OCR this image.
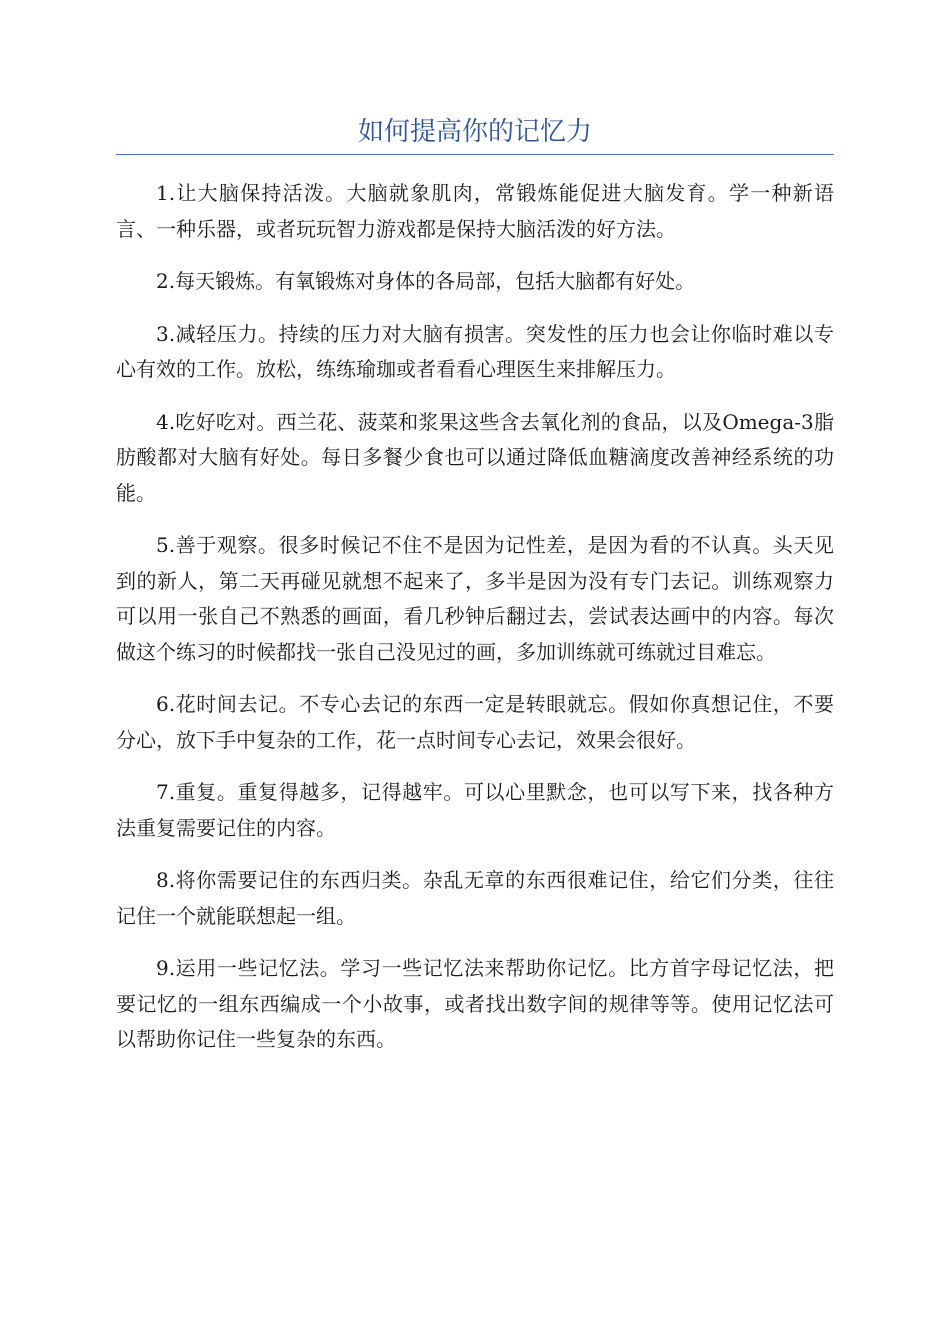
如何提高你的记忆力

1.让大脑保持活泼。大脑就象肌肉，常锻炼能促进大脑发育。学一种新语言、一种乐器，或者玩玩智力游戏都是保持大脑活泼的好方法。

2.每天锻炼。有氧锻炼对身体的各局部，包括大脑都有好处。

3.减轻压力。持续的压力对大脑有损害。突发性的压力也会让你临时难以专心有效的工作。放松，练练瑜珈或者看看心理医生来排解压力。

4.吃好吃对。西兰花、菠菜和浆果这些含去氧化剂的食品，以及Omega-3脂肪酸都对大脑有好处。每日多餐少食也可以通过降低血糖滴度改善神经系统的功能。

5.善于观察。很多时候记不住不是因为记性差，是因为看的不认真。头天见到的新人，第二天再碰见就想不起来了，多半是因为没有专门去记。训练观察力可以用一张自己不熟悉的画面，看几秒钟后翻过去，尝试表达画中的内容。每次做这个练习的时候都找一张自己没见过的画，多加训练就可练就过目难忘。

6.花时间去记。不专心去记的东西一定是转眼就忘。假如你真想记住，不要分心，放下手中复杂的工作，花一点时间专心去记，效果会很好。

7.重复。重复得越多，记得越牢。可以心里默念，也可以写下来，找各种方法重复需要记住的内容。

8.将你需要记住的东西归类。杂乱无章的东西很难记住，给它们分类，往往记住一个就能联想起一组。

9.运用一些记忆法。学习一些记忆法来帮助你记忆。比方首字母记忆法，把要记忆的一组东西编成一个小故事，或者找出数字间的规律等等。使用记忆法可以帮助你记住一些复杂的东西。
